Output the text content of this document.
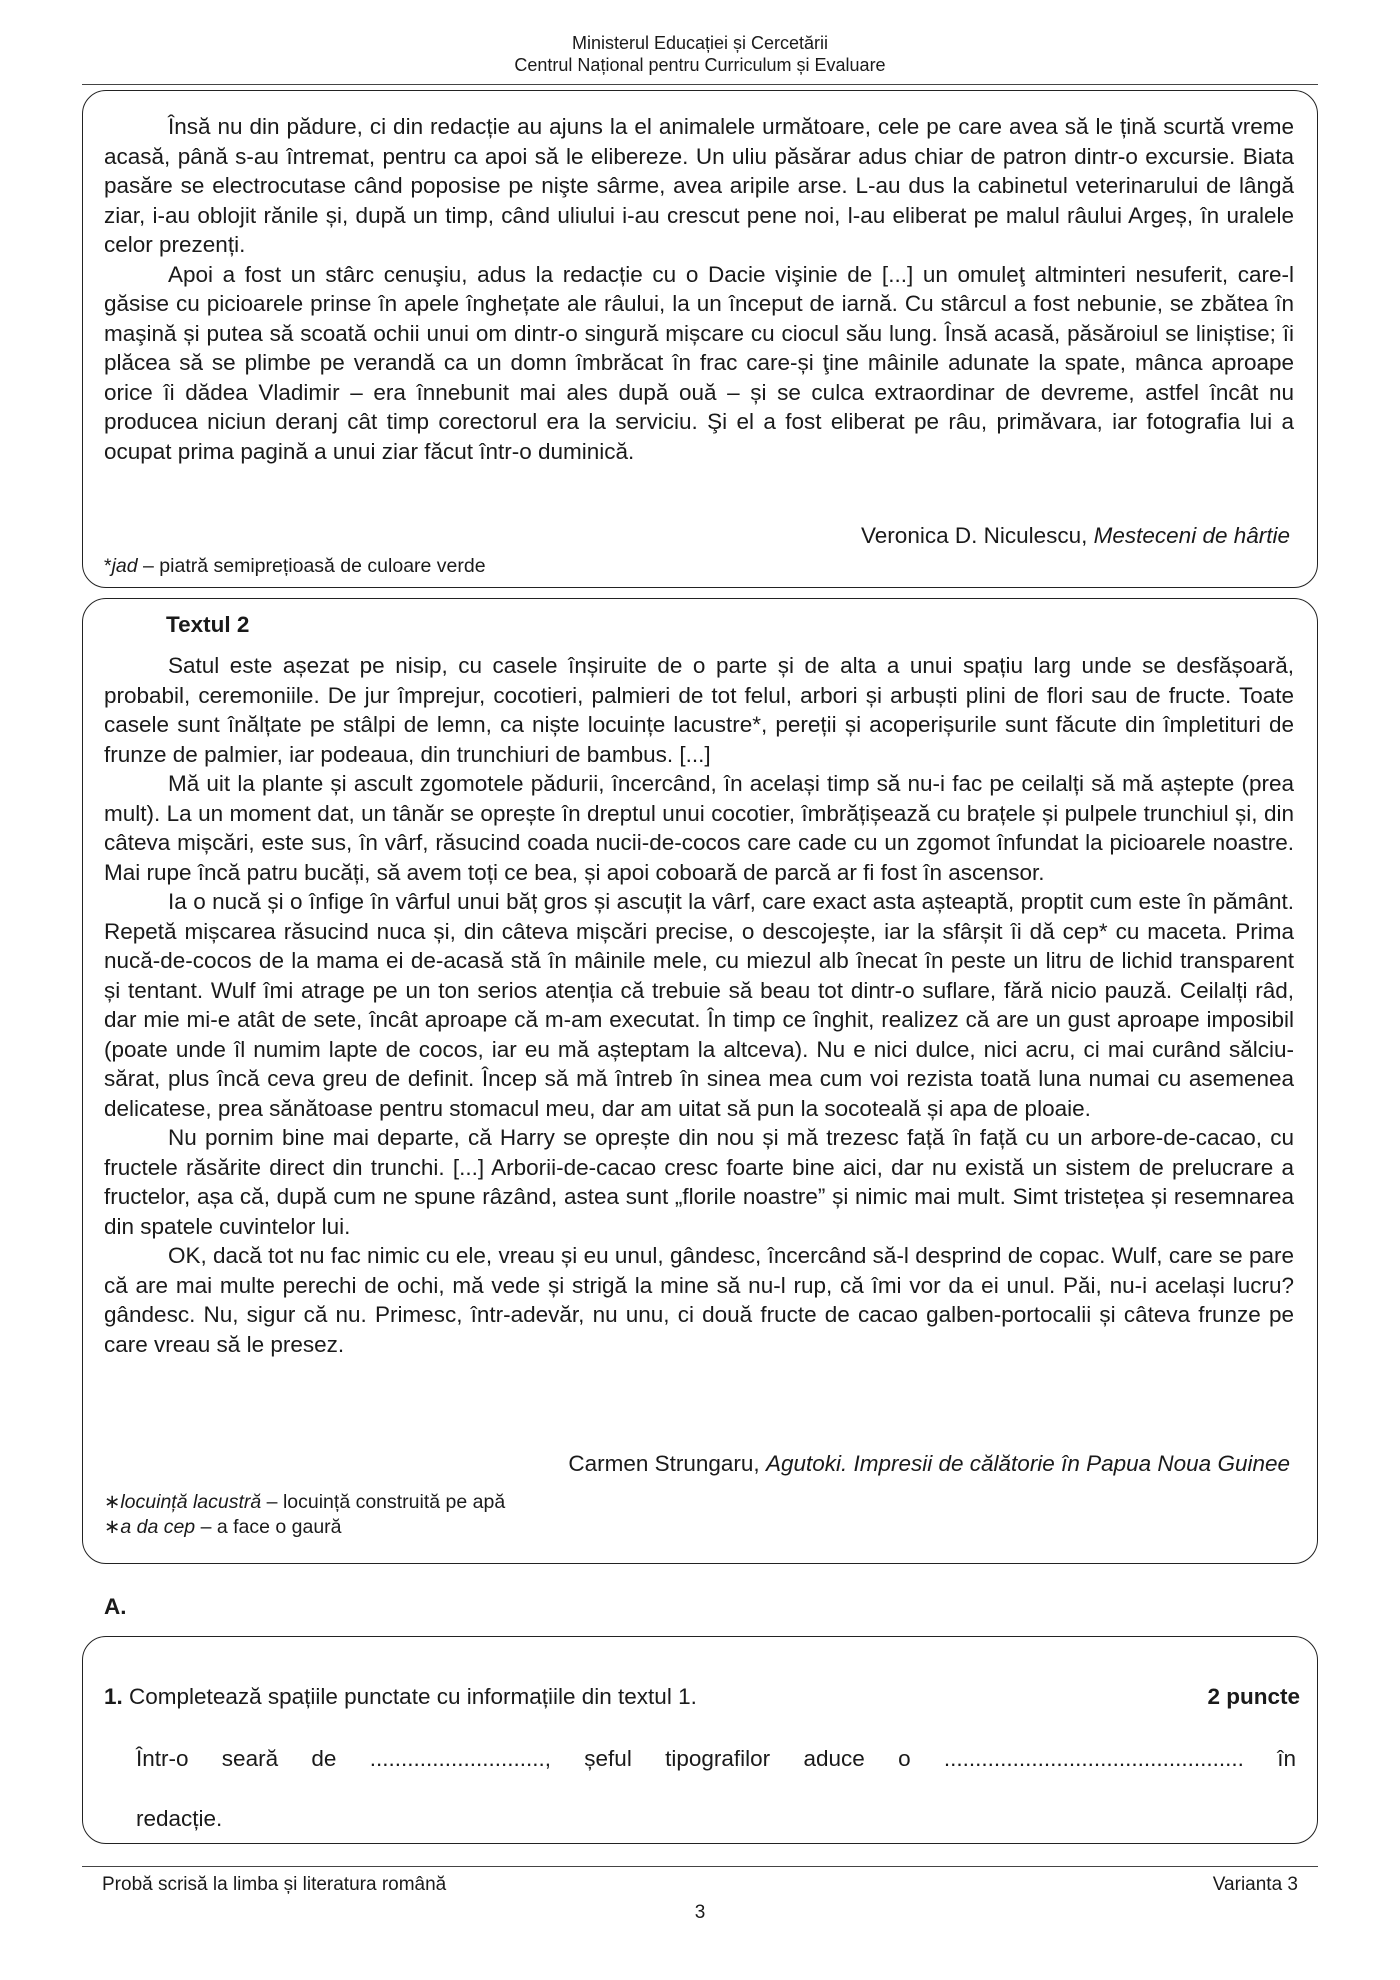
Ministerul Educației și Cercetării
Centrul Național pentru Curriculum și Evaluare

Însă nu din pădure, ci din redacție au ajuns la el animalele următoare, cele pe care avea să le țină scurtă vreme acasă, până s-au întremat, pentru ca apoi să le elibereze. Un uliu păsărar adus chiar de patron dintr-o excursie. Biata pasăre se electrocutase când poposise pe nişte sârme, avea aripile arse. L-au dus la cabinetul veterinarului de lângă ziar, i-au oblojit rănile și, după un timp, când uliului i-au crescut pene noi, l-au eliberat pe malul râului Argeș, în uralele celor prezenți.

Apoi a fost un stârc cenuşiu, adus la redacție cu o Dacie vişinie de [...] un omuleţ altminteri nesuferit, care-l găsise cu picioarele prinse în apele înghețate ale râului, la un început de iarnă. Cu stârcul a fost nebunie, se zbătea în maşină și putea să scoată ochii unui om dintr-o singură mișcare cu ciocul său lung. Însă acasă, păsăroiul se liniștise; îi plăcea să se plimbe pe verandă ca un domn îmbrăcat în frac care-și ţine mâinile adunate la spate, mânca aproape orice îi dădea Vladimir – era înnebunit mai ales după ouă – și se culca extraordinar de devreme, astfel încât nu producea niciun deranj cât timp corectorul era la serviciu. Şi el a fost eliberat pe râu, primăvara, iar fotografia lui a ocupat prima pagină a unui ziar făcut într-o duminică.

Veronica D. Niculescu, Mesteceni de hârtie
*jad – piatră semiprețioasă de culoare verde
Textul 2

Satul este așezat pe nisip, cu casele înșiruite de o parte și de alta a unui spațiu larg unde se desfășoară, probabil, ceremoniile. De jur împrejur, cocotieri, palmieri de tot felul, arbori și arbuști plini de flori sau de fructe. Toate casele sunt înălțate pe stâlpi de lemn, ca niște locuințe lacustre*, pereții și acoperișurile sunt făcute din împletituri de frunze de palmier, iar podeaua, din trunchiuri de bambus. [...]

Mă uit la plante și ascult zgomotele pădurii, încercând, în același timp să nu-i fac pe ceilalți să mă aștepte (prea mult). La un moment dat, un tânăr se oprește în dreptul unui cocotier, îmbrățișează cu brațele și pulpele trunchiul și, din câteva mișcări, este sus, în vârf, răsucind coada nucii-de-cocos care cade cu un zgomot înfundat la picioarele noastre. Mai rupe încă patru bucăți, să avem toți ce bea, și apoi coboară de parcă ar fi fost în ascensor.

Ia o nucă și o înfige în vârful unui băț gros și ascuțit la vârf, care exact asta așteaptă, proptit cum este în pământ. Repetă mișcarea răsucind nuca și, din câteva mișcări precise, o descojește, iar la sfârșit îi dă cep* cu maceta. Prima nucă-de-cocos de la mama ei de-acasă stă în mâinile mele, cu miezul alb înecat în peste un litru de lichid transparent și tentant. Wulf îmi atrage pe un ton serios atenția că trebuie să beau tot dintr-o suflare, fără nicio pauză. Ceilalți râd, dar mie mi-e atât de sete, încât aproape că m-am executat. În timp ce înghit, realizez că are un gust aproape imposibil (poate unde îl numim lapte de cocos, iar eu mă așteptam la altceva). Nu e nici dulce, nici acru, ci mai curând sălciu-sărat, plus încă ceva greu de definit. Încep să mă întreb în sinea mea cum voi rezista toată luna numai cu asemenea delicatese, prea sănătoase pentru stomacul meu, dar am uitat să pun la socoteală și apa de ploaie.

Nu pornim bine mai departe, că Harry se oprește din nou și mă trezesc față în față cu un arbore-de-cacao, cu fructele răsărite direct din trunchi. [...] Arborii-de-cacao cresc foarte bine aici, dar nu există un sistem de prelucrare a fructelor, așa că, după cum ne spune râzând, astea sunt „florile noastre” și nimic mai mult. Simt tristețea și resemnarea din spatele cuvintelor lui.

OK, dacă tot nu fac nimic cu ele, vreau și eu unul, gândesc, încercând să-l desprind de copac. Wulf, care se pare că are mai multe perechi de ochi, mă vede și strigă la mine să nu-l rup, că îmi vor da ei unul. Păi, nu-i același lucru? gândesc. Nu, sigur că nu. Primesc, într-adevăr, nu unu, ci două fructe de cacao galben-portocalii și câteva frunze pe care vreau să le presez.

Carmen Strungaru, Agutoki. Impresii de călătorie în Papua Noua Guinee
∗locuință lacustră – locuință construită pe apă
∗a da cep – a face o gaură
A.
1. Completează spațiile punctate cu informațiile din textul 1.	2 puncte
Într-o seară de ............................, șeful tipografilor aduce o ................................................ în
redacție.
Probă scrisă la limba și literatura română	Varianta 3
3
